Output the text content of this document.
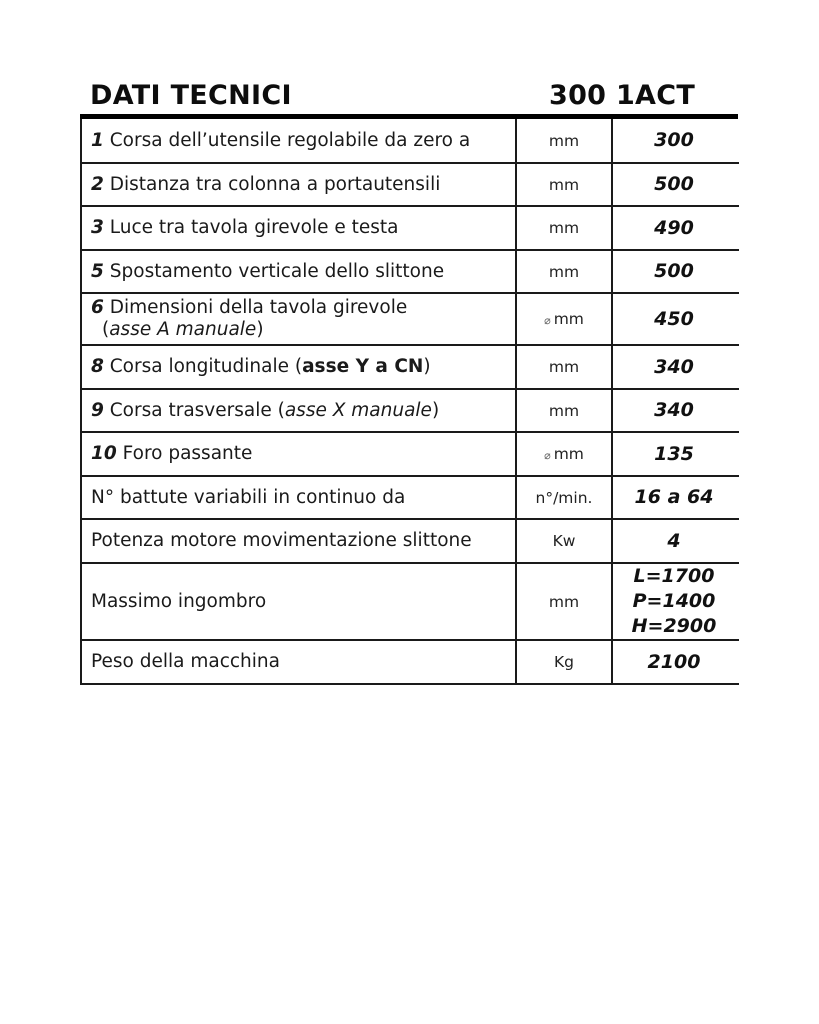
DATI TECNICI	300 1ACT
1 Corsa dell’utensile regolabile da zero a	mm	300
2 Distanza tra colonna a portautensili	mm	500
3 Luce tra tavola girevole e testa	mm	490
5 Spostamento verticale dello slittone	mm	500

6 Dimensioni della tavola girevole
(asse A manuale)	⌀ mm	450
8 Corsa longitudinale (asse Y a CN)	mm	340
9 Corsa trasversale (asse X manuale)	mm	340
10 Foro passante	⌀ mm	135
N° battute variabili in continuo da	n°/min.	16 a 64
Potenza motore movimentazione slittone	Kw	4
Massimo ingombro	mm	L=1700
P=1400
H=2900

Peso della macchina	Kg	2100
